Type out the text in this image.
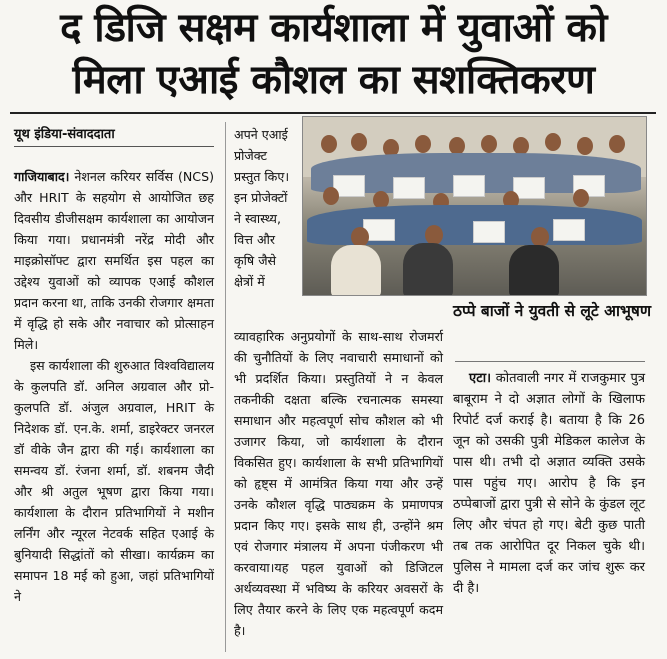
द डिजि सक्षम कार्यशाला में युवाओं को
मिला एआई कौशल का सशक्तिकरण
यूथ इंडिया-संवाददाता

गाजियाबाद। नेशनल करियर सर्विस (NCS) और HRIT के सहयोग से आयोजित छह दिवसीय डीजीसक्षम कार्यशाला का आयोजन किया गया। प्रधानमंत्री नरेंद्र मोदी और माइक्रोसॉफ्ट द्वारा समर्थित इस पहल का उद्देश्य युवाओं को व्यापक एआई कौशल प्रदान करना था, ताकि उनकी रोजगार क्षमता में वृद्धि हो सके और नवाचार को प्रोत्साहन मिले।

इस कार्यशाला की शुरुआत विश्वविद्यालय के कुलपति डॉ. अनिल अग्रवाल और प्रो-कुलपति डॉ. अंजुल अग्रवाल, HRIT के निदेशक डॉ. एन.के. शर्मा, डाइरेक्टर जनरल डॉ वीके जैन द्वारा की गई। कार्यशाला का समन्वय डॉ. रंजना शर्मा, डॉ. शबनम जैदी और श्री अतुल भूषण द्वारा किया गया। कार्यशाला के दौरान प्रतिभागियों ने मशीन लर्निंग और न्यूरल नेटवर्क सहित एआई के बुनियादी सिद्धांतों को सीखा। कार्यक्रम का समापन 18 मई को हुआ, जहां प्रतिभागियों ने

अपने एआई प्रोजेक्ट प्रस्तुत किए। इन प्रोजेक्टों ने स्वास्थ्य, वित्त और कृषि जैसे क्षेत्रों में
व्यावहारिक अनुप्रयोगों के साथ-साथ रोजमर्रा की चुनौतियों के लिए नवाचारी समाधानों को भी प्रदर्शित किया। प्रस्तुतियों ने न केवल तकनीकी दक्षता बल्कि रचनात्मक समस्या समाधान और महत्वपूर्ण सोच कौशल को भी उजागर किया, जो कार्यशाला के दौरान विकसित हुए। कार्यशाला के सभी प्रतिभागियों को हृष्ट्स में आमंत्रित किया गया और उन्हें उनके कौशल वृद्धि पाठ्यक्रम के प्रमाणपत्र प्रदान किए गए। इसके साथ ही, उन्होंने श्रम एवं रोजगार मंत्रालय में अपना पंजीकरण भी करवाया।यह पहल युवाओं को डिजिटल अर्थव्यवस्था में भविष्य के करियर अवसरों के लिए तैयार करने के लिए एक महत्वपूर्ण कदम है।
ठप्पे बाजों ने युवती से लूटे आभूषण

एटा। कोतवाली नगर में राजकुमार पुत्र बाबूराम ने दो अज्ञात लोगों के खिलाफ रिपोर्ट दर्ज कराई है। बताया है कि 26 जून को उसकी पुत्री मेडिकल कालेज के पास थी। तभी दो अज्ञात व्यक्ति उसके पास पहुंच गए। आरोप है कि इन ठप्पेबाजों द्वारा पुत्री से सोने के कुंडल लूट लिए और चंपत हो गए। बेटी कुछ पाती तब तक आरोपित दूर निकल चुके थी। पुलिस ने मामला दर्ज कर जांच शुरू कर दी है।
